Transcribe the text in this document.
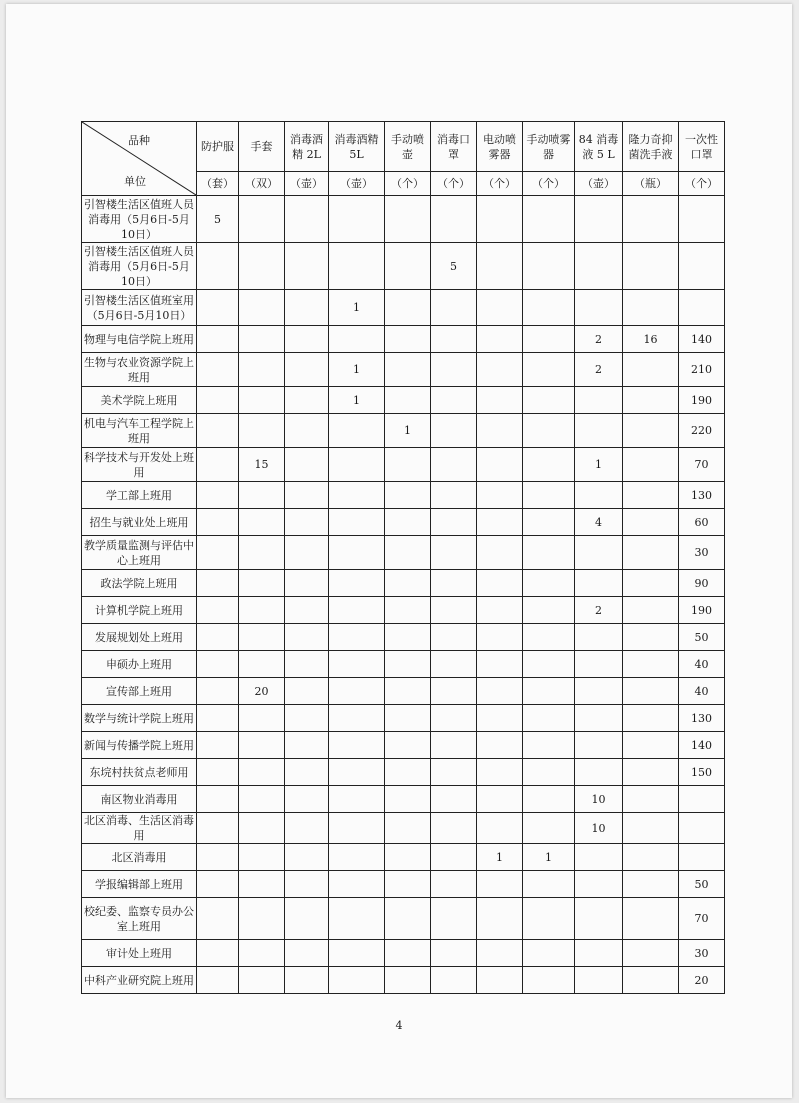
品种
单位	防护服	手套	消毒酒精 2L	消毒酒精 5L	手动喷壶	消毒口罩	电动喷雾器	手动喷雾器	84 消毒液 5 L	隆力奇抑菌洗手液	一次性口罩
	（套）	（双）	（壶）	（壶）	（个）	（个）	（个）	（个）	（壶）	（瓶）	（个）
引智楼生活区值班人员消毒用（5月6日-5月10日）	5										
引智楼生活区值班人员消毒用（5月6日-5月10日）						5					
引智楼生活区值班室用（5月6日-5月10日）				1							
物理与电信学院上班用									2	16	140
生物与农业资源学院上班用				1					2		210
美术学院上班用				1							190
机电与汽车工程学院上班用					1						220
科学技术与开发处上班用		15							1		70
学工部上班用											130
招生与就业处上班用									4		60
教学质量监测与评估中心上班用											30
政法学院上班用											90
计算机学院上班用									2		190
发展规划处上班用											50
申硕办上班用											40
宣传部上班用		20									40
数学与统计学院上班用											130
新闻与传播学院上班用											140
东垸村扶贫点老师用											150
南区物业消毒用									10		
北区消毒、生活区消毒用									10		
北区消毒用							1	1			
学报编辑部上班用											50
校纪委、监察专员办公室上班用											70
审计处上班用											30
中科产业研究院上班用											20
4
